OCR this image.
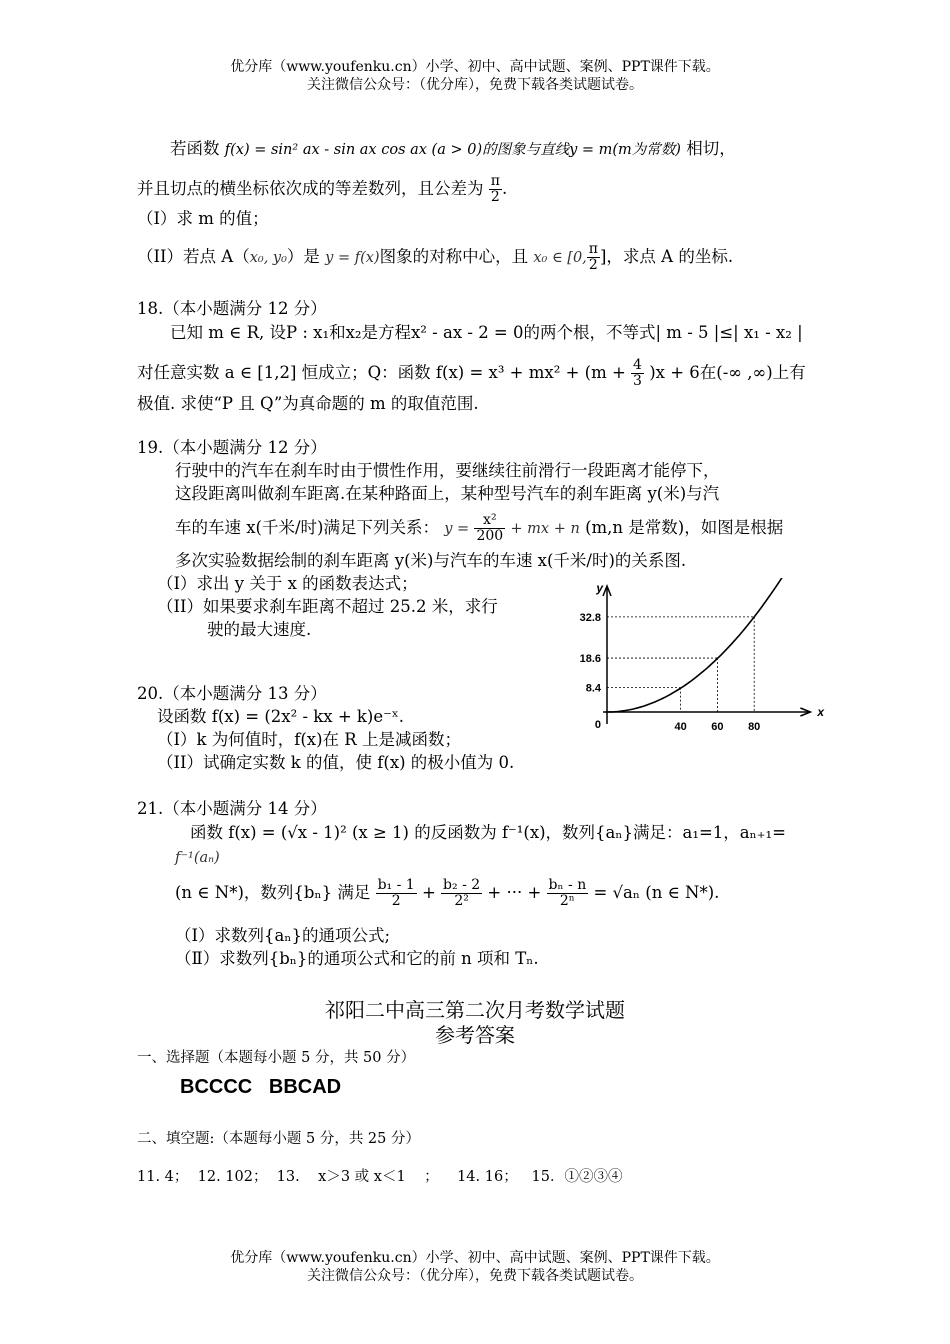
优分库（www.youfenku.cn）小学、初中、高中试题、案例、PPT课件下载。
关注微信公众号：（优分库），免费下载各类试题试卷。
若函数 f(x) = sin² ax - sin ax cos ax (a > 0)的图象与直线y = m(m为常数) 相切，
并且切点的横坐标依次成的等差数列，且公差为 $\frac{\pi}{2}$ .
（I）求 m 的值；
（II）若点 A（x₀, y₀）是 y = f(x)图象的对称中心，且 x₀ ∈ [0, $\frac{\pi}{2}$ ]，求点 A 的坐标.
18.（本小题满分 12 分）
已知 m ∈ R, 设P : x₁和x₂是方程x² - ax - 2 = 0的两个根，不等式| m - 5 |≤| x₁ - x₂ |
对任意实数 a ∈ [1,2] 恒成立；Q：函数 $f(x) = x^3 + mx^2 + (m + \frac{4}{3} )x + 6$在(-∞ ,∞)上有
极值. 求使“P 且 Q”为真命题的 m 的取值范围.
19.（本小题满分 12 分）
行驶中的汽车在刹车时由于惯性作用，要继续往前滑行一段距离才能停下，
这段距离叫做刹车距离.在某种路面上，某种型号汽车的刹车距离 y(米)与汽
车的车速 x(千米/时)满足下列关系： $y = \frac{\text{x²}}{200}$ + mx + n (m,n 是常数)，如图是根据
多次实验数据绘制的刹车距离 y(米)与汽车的车速 x(千米/时)的关系图.
（I）求出 y 关于 x 的函数表达式；
（II）如果要求刹车距离不超过 25.2 米，求行
驶的最大速度.
y
x
0
8.4
40
18.6
60
32.8
80
20.（本小题满分 13 分）
设函数 f(x) = (2x² - kx + k)e⁻ˣ.
（I）k 为何值时，f(x)在 R 上是减函数；
（II）试确定实数 k 的值，使 f(x) 的极小值为 0.
21.（本小题满分 14 分）
函数 f(x) = (√x - 1)² (x ≥ 1) 的反函数为 f⁻¹(x)，数列{aₙ}满足：a₁=1，aₙ₊₁=
f⁻¹(aₙ)
(n ∈ N*)，数列{bₙ} 满足 $\frac{\text{b₁ - 1}}{2} + \frac{\text{b₂ - 2}}{\text{2²}}$ + ··· + $\frac{\text{bₙ - n}}{\text{2ⁿ}} = √a_n$ (n ∈ N*).
（Ⅰ）求数列{aₙ}的通项公式;
（Ⅱ）求数列{bₙ}的通项公式和它的前 n 项和 Tₙ.
祁阳二中高三第二次月考数学试题
参考答案
一、选择题（本题每小题 5 分，共 50 分）
BCCCC   BBCAD
二、填空题:（本题每小题 5 分，共 25 分）
11. 4；  12. 102；  13.    x＞3 或 x＜1    ；    14. 16；   15．①②③④
优分库（www.youfenku.cn）小学、初中、高中试题、案例、PPT课件下载。
关注微信公众号：（优分库），免费下载各类试题试卷。
